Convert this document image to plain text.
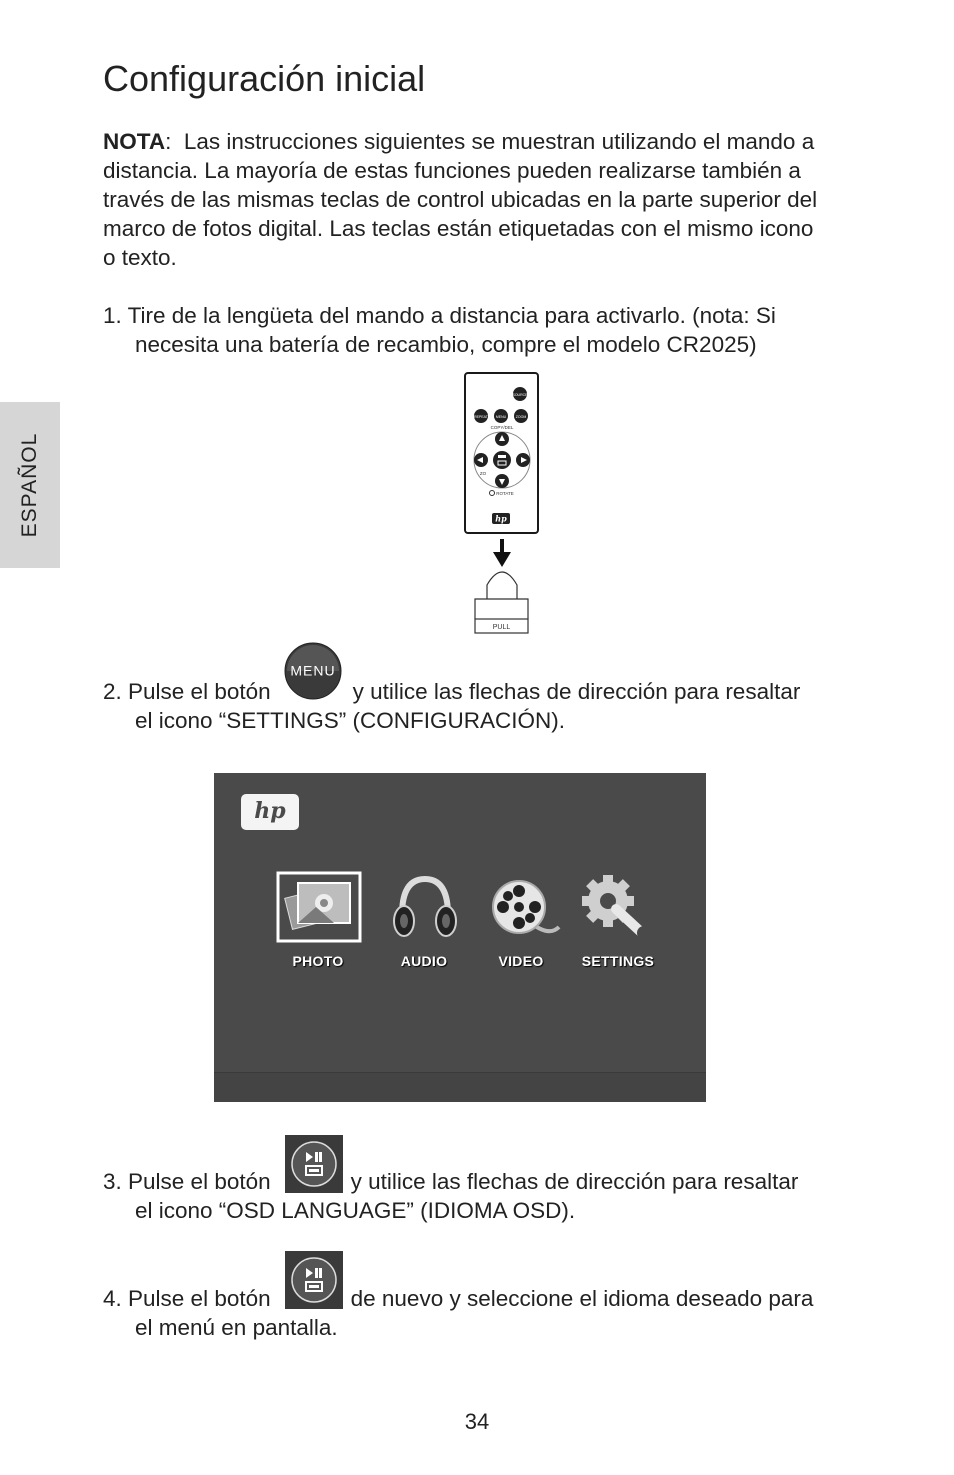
ESPAÑOL
Configuración inicial
NOTA: Las instrucciones siguientes se muestran utilizando el mando a
distancia. La mayoría de estas funciones pueden realizarse también a
través de las mismas teclas de control ubicadas en la parte superior del
marco de fotos digital. Las teclas están etiquetadas con el mismo icono
o texto.
1. Tire de la lengüeta del mando a distancia para activarlo. (nota: Si
necesita una batería de recambio, compre el modelo CR2025)
SOURCE
REPEAT MENU	ZOOM
COPY/DEL
ZO
ROTATE
hp
PULL
2. Pulse el botón	y utilice las flechas de dirección para resaltar
el icono “SETTINGS” (CONFIGURACIÓN).
MENU
hp
PHOTO	AUDIO	VIDEO	SETTINGS
3. Pulse el botón	y utilice las flechas de dirección para resaltar
el icono “OSD LANGUAGE” (IDIOMA OSD).
4. Pulse el botón	de nuevo y seleccione el idioma deseado para
el menú en pantalla.
34
